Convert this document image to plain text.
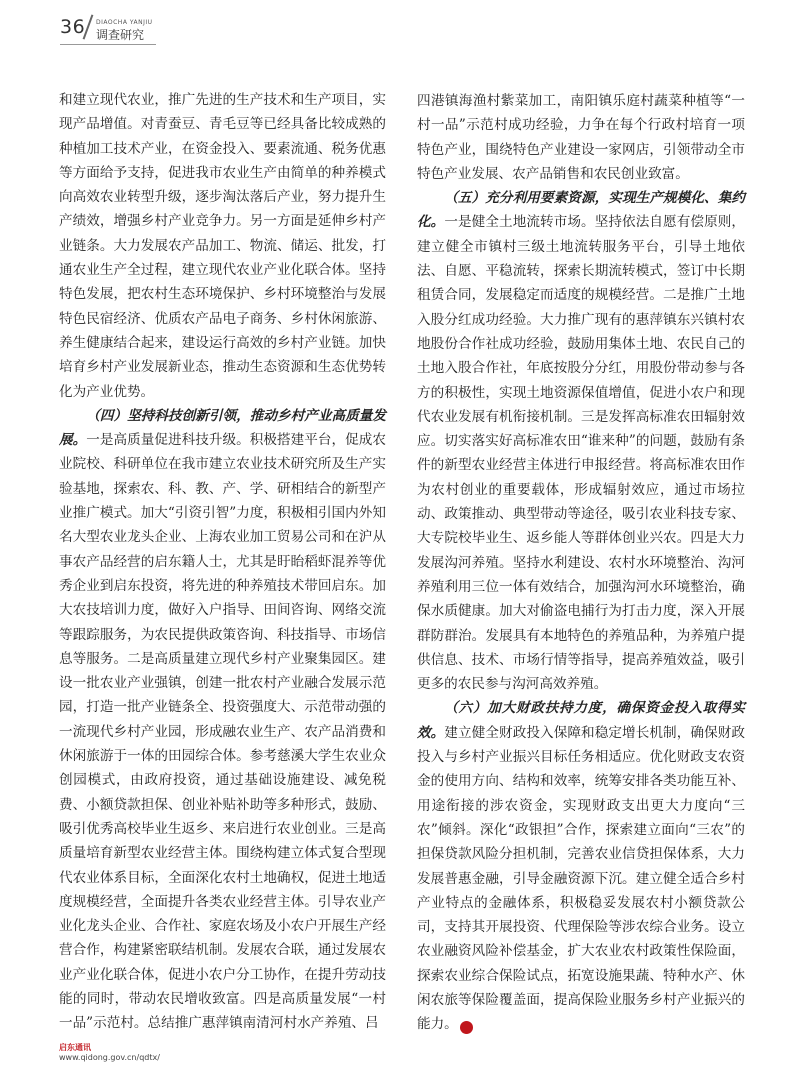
36 DIAOCHA YANJIU
调查研究

和建立现代农业，推广先进的生产技术和生产项目，实现产品增值。对青蚕豆、青毛豆等已经具备比较成熟的种植加工技术产业，在资金投入、要素流通、税务优惠等方面给予支持，促进我市农业生产由简单的种养模式向高效农业转型升级，逐步淘汰落后产业，努力提升生产绩效，增强乡村产业竞争力。另一方面是延伸乡村产业链条。大力发展农产品加工、物流、储运、批发，打通农业生产全过程，建立现代农业产业化联合体。坚持特色发展，把农村生态环境保护、乡村环境整治与发展特色民宿经济、优质农产品电子商务、乡村休闲旅游、养生健康结合起来，建设运行高效的乡村产业链。加快培育乡村产业发展新业态，推动生态资源和生态优势转化为产业优势。

（四）坚持科技创新引领，推动乡村产业高质量发展。一是高质量促进科技升级。积极搭建平台，促成农业院校、科研单位在我市建立农业技术研究所及生产实验基地，探索农、科、教、产、学、研相结合的新型产业推广模式。加大“引资引智”力度，积极相引国内外知名大型农业龙头企业、上海农业加工贸易公司和在沪从事农产品经营的启东籍人士，尤其是盱眙稻虾混养等优秀企业到启东投资，将先进的种养殖技术带回启东。加大农技培训力度，做好入户指导、田间咨询、网络交流等跟踪服务，为农民提供政策咨询、科技指导、市场信息等服务。二是高质量建立现代乡村产业聚集园区。建设一批农业产业强镇，创建一批农村产业融合发展示范园，打造一批产业链条全、投资强度大、示范带动强的一流现代乡村产业园，形成融农业生产、农产品消费和休闲旅游于一体的田园综合体。参考慈溪大学生农业众创园模式，由政府投资，通过基础设施建设、减免税费、小额贷款担保、创业补贴补助等多种形式，鼓励、吸引优秀高校毕业生返乡、来启进行农业创业。三是高质量培育新型农业经营主体。围绕构建立体式复合型现代农业体系目标，全面深化农村土地确权，促进土地适度规模经营，全面提升各类农业经营主体。引导农业产业化龙头企业、合作社、家庭农场及小农户开展生产经营合作，构建紧密联结机制。发展农合联，通过发展农业产业化联合体，促进小农户分工协作，在提升劳动技能的同时，带动农民增收致富。四是高质量发展“一村一品”示范村。总结推广惠萍镇南清河村水产养殖、吕

四港镇海渔村紫菜加工，南阳镇乐庭村蔬菜种植等“一村一品”示范村成功经验，力争在每个行政村培育一项特色产业，围绕特色产业建设一家网店，引领带动全市特色产业发展、农产品销售和农民创业致富。

（五）充分利用要素资源，实现生产规模化、集约化。一是健全土地流转市场。坚持依法自愿有偿原则，建立健全市镇村三级土地流转服务平台，引导土地依法、自愿、平稳流转，探索长期流转模式，签订中长期租赁合同，发展稳定而适度的规模经营。二是推广土地入股分红成功经验。大力推广现有的惠萍镇东兴镇村农地股份合作社成功经验，鼓励用集体土地、农民自己的土地入股合作社，年底按股分分红，用股份带动参与各方的积极性，实现土地资源保值增值，促进小农户和现代农业发展有机衔接机制。三是发挥高标准农田辐射效应。切实落实好高标准农田“谁来种”的问题，鼓励有条件的新型农业经营主体进行申报经营。将高标准农田作为农村创业的重要载体，形成辐射效应，通过市场拉动、政策推动、典型带动等途径，吸引农业科技专家、大专院校毕业生、返乡能人等群体创业兴农。四是大力发展沟河养殖。坚持水利建设、农村水环境整治、沟河养殖利用三位一体有效结合，加强沟河水环境整治，确保水质健康。加大对偷盗电捕行为打击力度，深入开展群防群治。发展具有本地特色的养殖品种，为养殖户提供信息、技术、市场行情等指导，提高养殖效益，吸引更多的农民参与沟河高效养殖。

（六）加大财政扶持力度，确保资金投入取得实效。建立健全财政投入保障和稳定增长机制，确保财政投入与乡村产业振兴目标任务相适应。优化财政支农资金的使用方向、结构和效率，统筹安排各类功能互补、用途衔接的涉农资金，实现财政支出更大力度向“三农”倾斜。深化“政银担”合作，探索建立面向“三农”的担保贷款风险分担机制，完善农业信贷担保体系，大力发展普惠金融，引导金融资源下沉。建立健全适合乡村产业特点的金融体系，积极稳妥发展农村小额贷款公司，支持其开展投资、代理保险等涉农综合业务。设立农业融资风险补偿基金，扩大农业农村政策性保险面，探索农业综合保险试点，拓宽设施果蔬、特种水产、休闲农旅等保险覆盖面，提高保险业服务乡村产业振兴的能力。	启

启东通讯
www.qidong.gov.cn/qdtx/
